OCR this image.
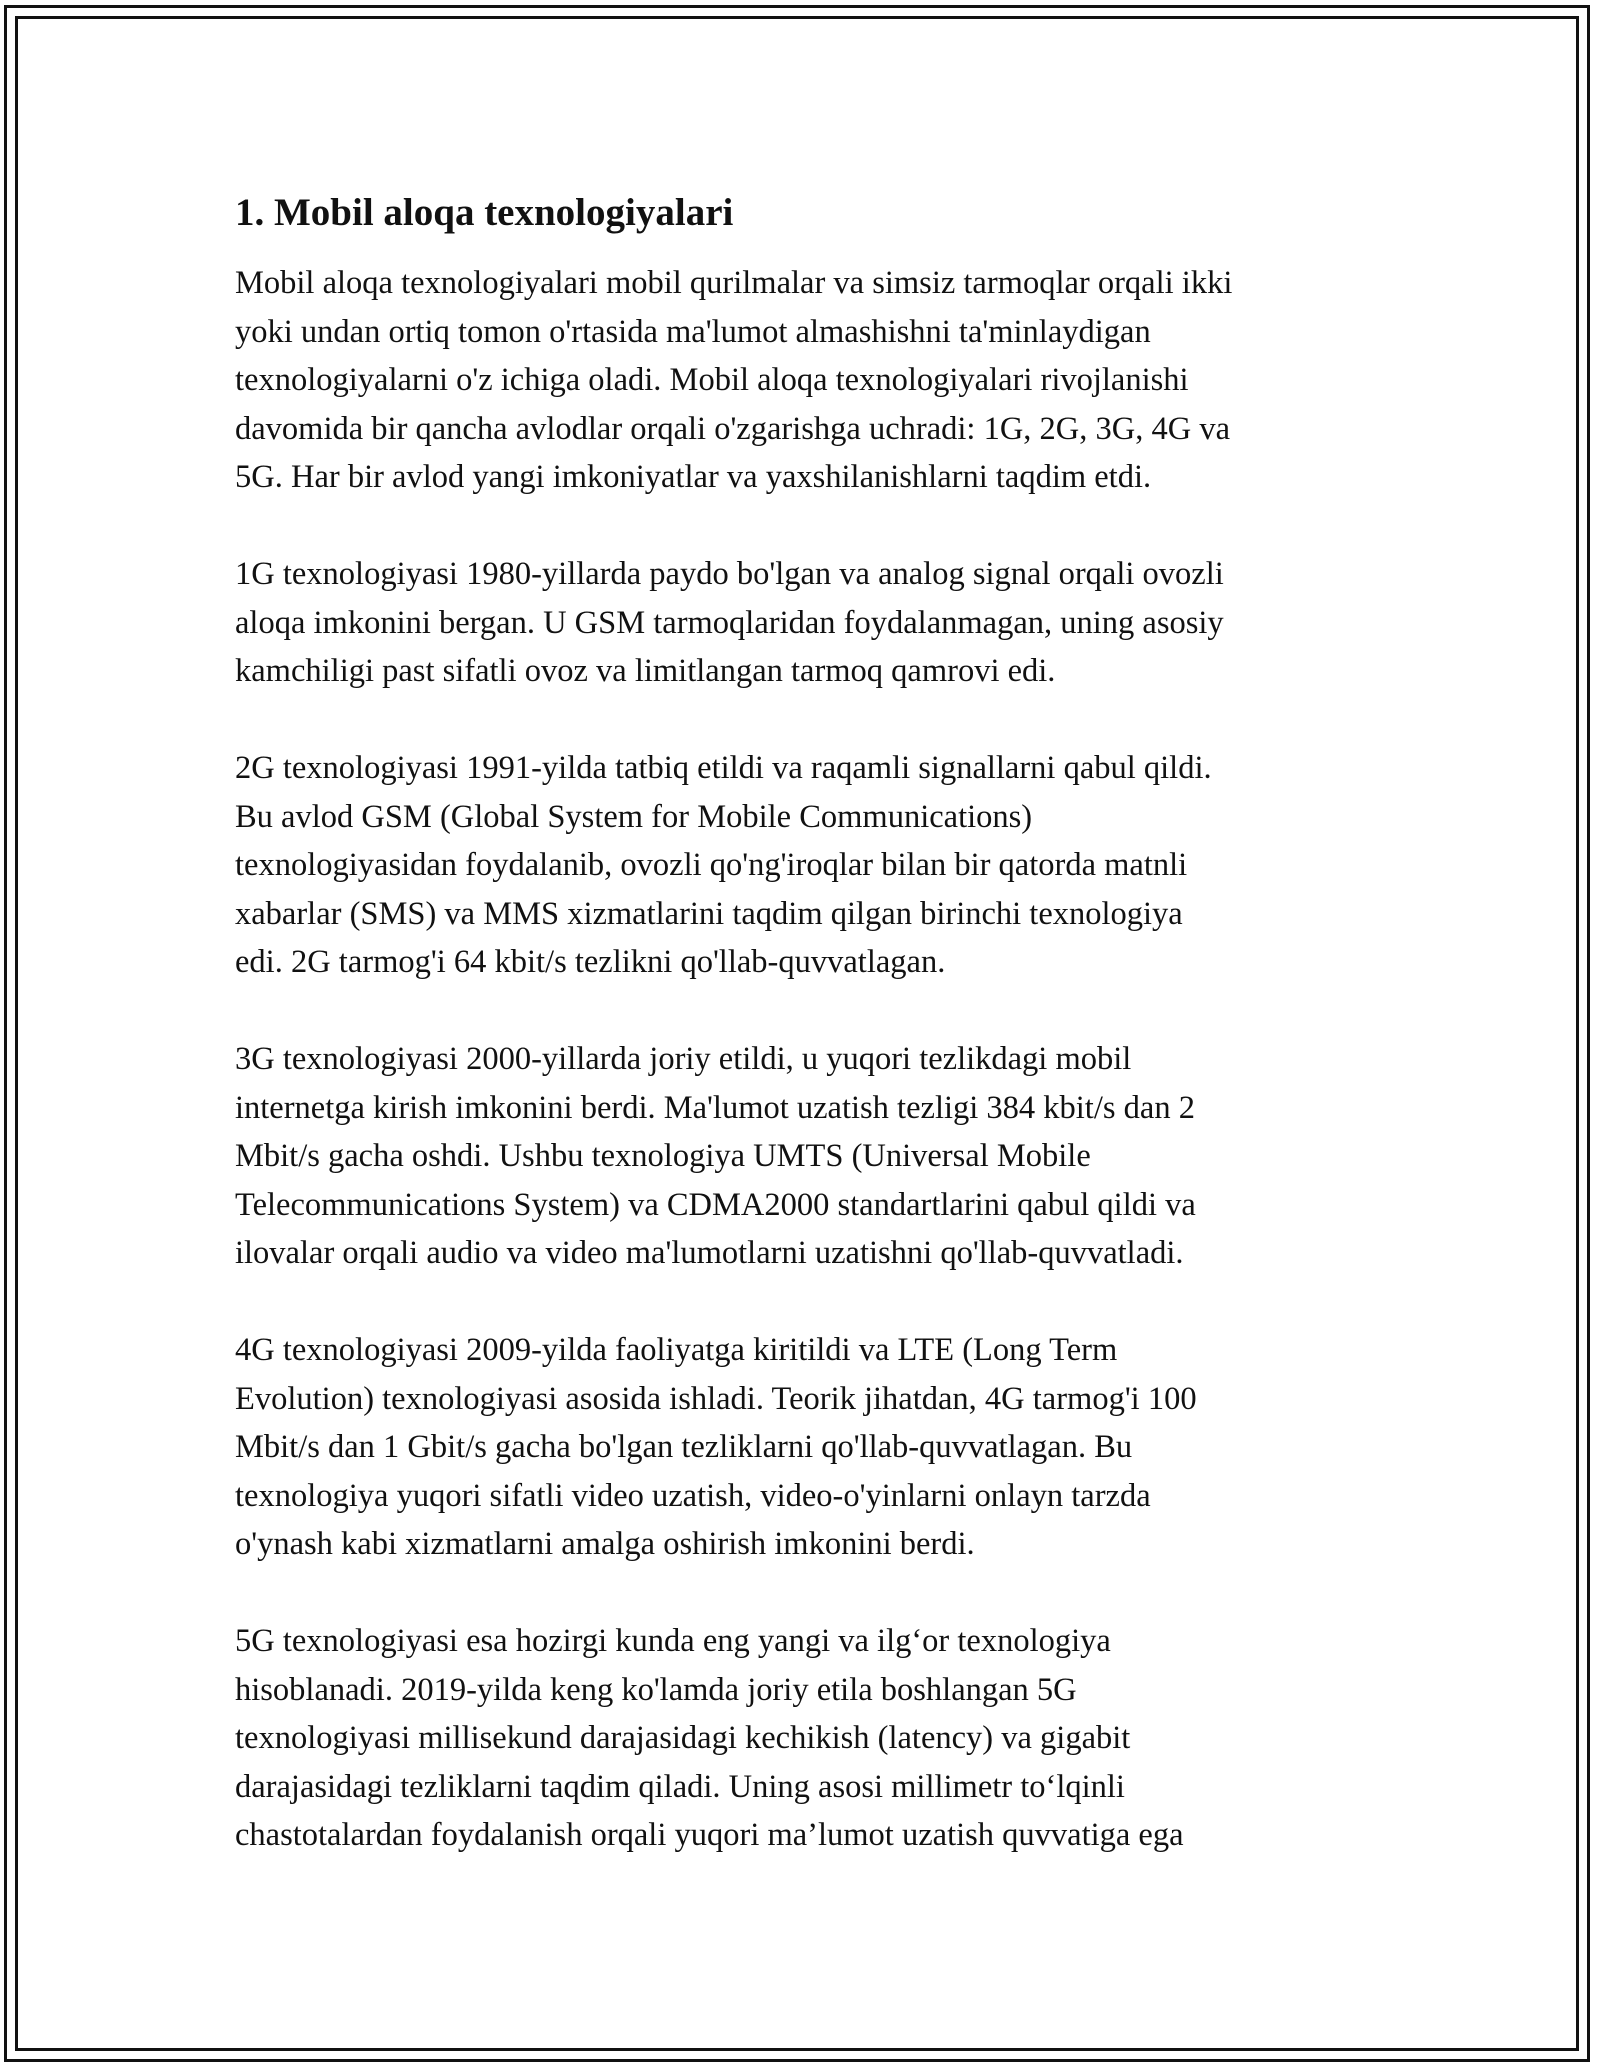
1. Mobil aloqa texnologiyalari
Mobil aloqa texnologiyalari mobil qurilmalar va simsiz tarmoqlar orqali ikki
yoki undan ortiq tomon o'rtasida ma'lumot almashishni ta'minlaydigan
texnologiyalarni o'z ichiga oladi. Mobil aloqa texnologiyalari rivojlanishi
davomida bir qancha avlodlar orqali o'zgarishga uchradi: 1G, 2G, 3G, 4G va
5G. Har bir avlod yangi imkoniyatlar va yaxshilanishlarni taqdim etdi.
1G texnologiyasi 1980-yillarda paydo bo'lgan va analog signal orqali ovozli
aloqa imkonini bergan. U GSM tarmoqlaridan foydalanmagan, uning asosiy
kamchiligi past sifatli ovoz va limitlangan tarmoq qamrovi edi.
2G texnologiyasi 1991-yilda tatbiq etildi va raqamli signallarni qabul qildi.
Bu avlod GSM (Global System for Mobile Communications)
texnologiyasidan foydalanib, ovozli qo'ng'iroqlar bilan bir qatorda matnli
xabarlar (SMS) va MMS xizmatlarini taqdim qilgan birinchi texnologiya
edi. 2G tarmog'i 64 kbit/s tezlikni qo'llab-quvvatlagan.
3G texnologiyasi 2000-yillarda joriy etildi, u yuqori tezlikdagi mobil
internetga kirish imkonini berdi. Ma'lumot uzatish tezligi 384 kbit/s dan 2
Mbit/s gacha oshdi. Ushbu texnologiya UMTS (Universal Mobile
Telecommunications System) va CDMA2000 standartlarini qabul qildi va
ilovalar orqali audio va video ma'lumotlarni uzatishni qo'llab-quvvatladi.
4G texnologiyasi 2009-yilda faoliyatga kiritildi va LTE (Long Term
Evolution) texnologiyasi asosida ishladi. Teorik jihatdan, 4G tarmog'i 100
Mbit/s dan 1 Gbit/s gacha bo'lgan tezliklarni qo'llab-quvvatlagan. Bu
texnologiya yuqori sifatli video uzatish, video-o'yinlarni onlayn tarzda
o'ynash kabi xizmatlarni amalga oshirish imkonini berdi.
5G texnologiyasi esa hozirgi kunda eng yangi va ilg‘or texnologiya
hisoblanadi. 2019-yilda keng ko'lamda joriy etila boshlangan 5G
texnologiyasi millisekund darajasidagi kechikish (latency) va gigabit
darajasidagi tezliklarni taqdim qiladi. Uning asosi millimetr to‘lqinli
chastotalardan foydalanish orqali yuqori ma’lumot uzatish quvvatiga ega
